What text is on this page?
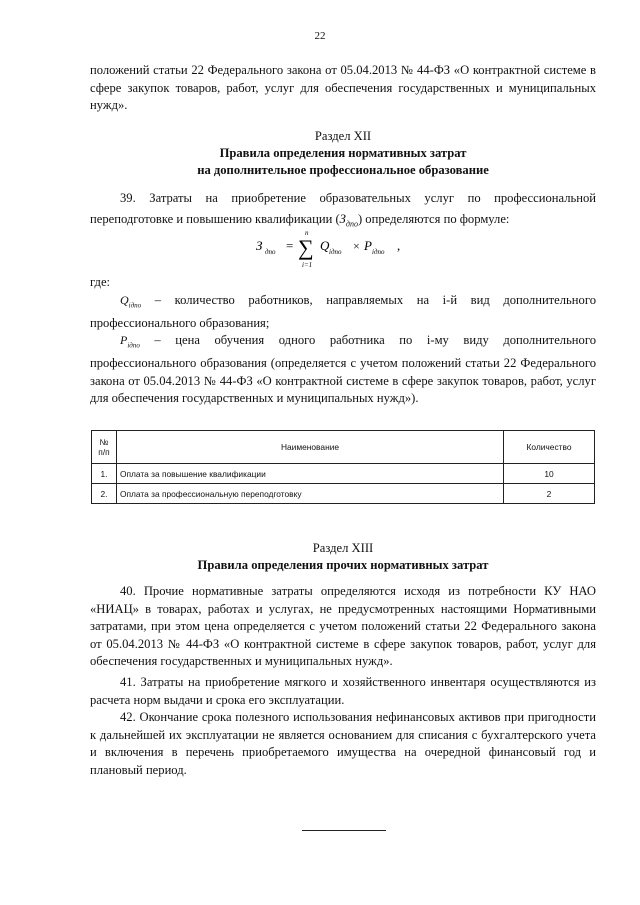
22

положений статьи 22 Федерального закона от 05.04.2013 № 44-ФЗ «О контрактной системе в сфере закупок товаров, работ, услуг для обеспечения государственных и муниципальных нужд».

Раздел XII
Правила определения нормативных затрат
на дополнительное профессиональное образование

39. Затраты на приобретение образовательных услуг по профессиональной переподготовке и повышению квалификации $(З_{дпо})$ определяются по формуле:

З дпо = ∑
n
i=1
Q iдпо × P iдпо ,
где:

$Q_{iдпо}$ – количество работников, направляемых на i-й вид дополнительного профессионального образования;

$P_{iдпо}$ – цена обучения одного работника по i-му виду дополнительного профессионального образования (определяется с учетом положений статьи 22 Федерального закона от 05.04.2013 № 44-ФЗ «О контрактной системе в сфере закупок товаров, работ, услуг для обеспечения государственных и муниципальных нужд»).

№ п/п	Наименование	Количество
1.	Оплата за повышение квалификации	10
2.	Оплата за профессиональную переподготовку	2
Раздел XIII
Правила определения прочих нормативных затрат

40. Прочие нормативные затраты определяются исходя из потребности КУ НАО «НИАЦ» в товарах, работах и услугах, не предусмотренных настоящими Нормативными затратами, при этом цена определяется с учетом положений статьи 22 Федерального закона от 05.04.2013 № 44-ФЗ «О контрактной системе в сфере закупок товаров, работ, услуг для обеспечения государственных и муниципальных нужд».

41. Затраты на приобретение мягкого и хозяйственного инвентаря осуществляются из расчета норм выдачи и срока его эксплуатации.

42. Окончание срока полезного использования нефинансовых активов при пригодности к дальнейшей их эксплуатации не является основанием для списания с бухгалтерского учета и включения в перечень приобретаемого имущества на очередной финансовый год и плановый период.
